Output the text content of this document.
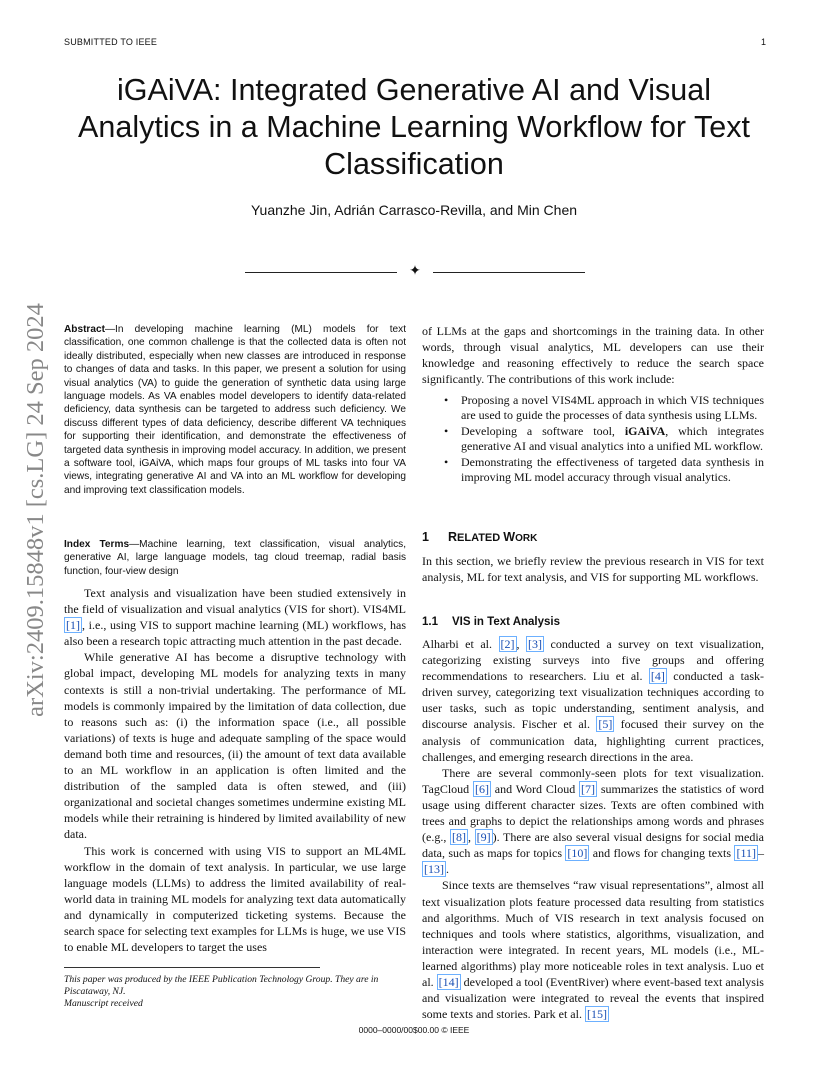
SUBMITTED TO IEEE	1
arXiv:2409.15848v1 [cs.LG] 24 Sep 2024
iGAiVA: Integrated Generative AI and Visual Analytics in a Machine Learning Workflow for Text Classification
Yuanzhe Jin, Adrián Carrasco-Revilla, and Min Chen
✦

Abstract—In developing machine learning (ML) models for text classification, one common challenge is that the collected data is often not ideally distributed, especially when new classes are introduced in response to changes of data and tasks. In this paper, we present a solution for using visual analytics (VA) to guide the generation of synthetic data using large language models. As VA enables model developers to identify data-related deficiency, data synthesis can be targeted to address such deficiency. We discuss different types of data deficiency, describe different VA techniques for supporting their identification, and demonstrate the effectiveness of targeted data synthesis in improving model accuracy. In addition, we present a software tool, iGAiVA, which maps four groups of ML tasks into four VA views, integrating generative AI and VA into an ML workflow for developing and improving text classification models.

Index Terms—Machine learning, text classification, visual analytics, generative AI, large language models, tag cloud treemap, radial basis function, four-view design

Text analysis and visualization have been studied extensively in the field of visualization and visual analytics (VIS for short). VIS4ML [1] , i.e., using VIS to support machine learning (ML) workflows, has also been a research topic attracting much attention in the past decade.

While generative AI has become a disruptive technology with global impact, developing ML models for analyzing texts in many contexts is still a non-trivial undertaking. The performance of ML models is commonly impaired by the limitation of data collection, due to reasons such as: (i) the information space (i.e., all possible variations) of texts is huge and adequate sampling of the space would demand both time and resources, (ii) the amount of text data available to an ML workflow in an application is often limited and the distribution of the sampled data is often stewed, and (iii) organizational and societal changes sometimes undermine existing ML models while their retraining is hindered by limited availability of new data.

This work is concerned with using VIS to support an ML4ML workflow in the domain of text analysis. In particular, we use large language models (LLMs) to address the limited availability of real-world data in training ML models for analyzing text data automatically and dynamically in computerized ticketing systems. Because the search space for selecting text examples for LLMs is huge, we use VIS to enable ML developers to target the uses

This paper was produced by the IEEE Publication Technology Group. They are in Piscataway, NJ.
Manuscript received

of LLMs at the gaps and shortcomings in the training data. In other words, through visual analytics, ML developers can use their knowledge and reasoning effectively to reduce the search space significantly. The contributions of this work include:

• Proposing a novel VIS4ML approach in which VIS techniques are used to guide the processes of data synthesis using LLMs.
• Developing a software tool, iGAiVA, which integrates generative AI and visual analytics into a unified ML workflow.
• Demonstrating the effectiveness of targeted data synthesis in improving ML model accuracy through visual analytics.
1 RELATED WORK

In this section, we briefly review the previous research in VIS for text analysis, ML for text analysis, and VIS for supporting ML workflows.

1.1 VIS in Text Analysis

Alharbi et al. [2] , [3] conducted a survey on text visualization, categorizing existing surveys into five groups and offering recommendations to researchers. Liu et al. [4] conducted a task-driven survey, categorizing text visualization techniques according to user tasks, such as topic understanding, sentiment analysis, and discourse analysis. Fischer et al. [5] focused their survey on the analysis of communication data, highlighting current practices, challenges, and emerging research directions in the area.

There are several commonly-seen plots for text visualization. TagCloud [6] and Word Cloud [7] summarizes the statistics of word usage using different character sizes. Texts are often combined with trees and graphs to depict the relationships among words and phrases (e.g., [8] , [9] ). There are also several visual designs for social media data, such as maps for topics [10] and flows for changing texts [11] –[13] .

Since texts are themselves “raw visual representations”, almost all text visualization plots feature processed data resulting from statistics and algorithms. Much of VIS research in text analysis focused on techniques and tools where statistics, algorithms, visualization, and interaction were integrated. In recent years, ML models (i.e., ML-learned algorithms) play more noticeable roles in text analysis. Luo et al. [14] developed a tool (EventRiver) where event-based text analysis and visualization were integrated to reveal the events that inspired some texts and stories. Park et al. [15]

0000–0000/00$00.00 © IEEE
